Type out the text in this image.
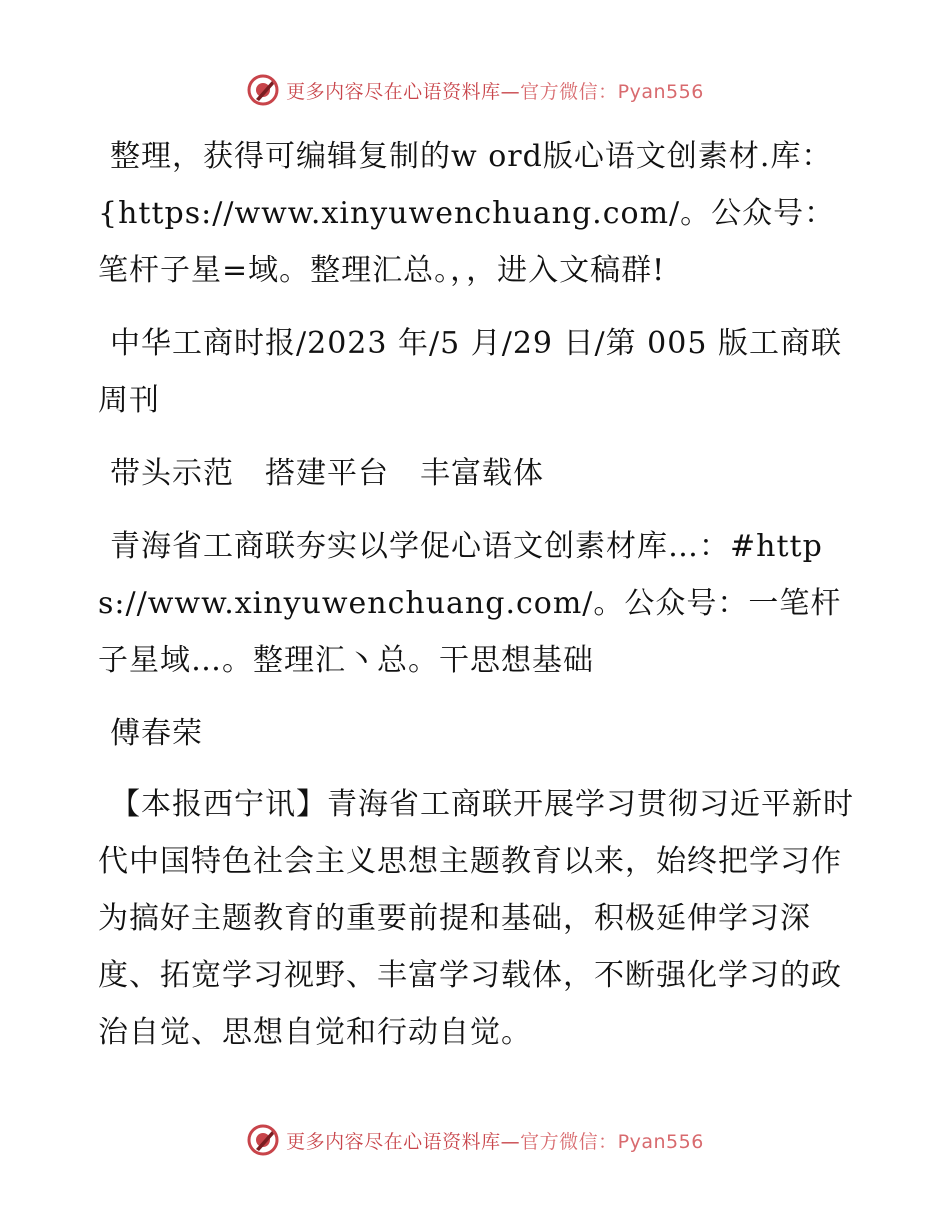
更多内容尽在心语资料库—官方微信：Pyan556

整理，获得可编辑复制的w ord版心语文创素材.库：{https://www.xinyuwenchuang.com/。公众号：笔杆子星=域。整理汇总。，，进入文稿群!

中华工商时报/2023 年/5 月/29 日/第 005 版工商联周刊

带头示范　搭建平台　丰富载体

青海省工商联夯实以学促心语文创素材库…：#https://www.xinyuwenchuang.com/。公众号：一笔杆子星域…。整理汇丶总。干思想基础

傅春荣

【本报西宁讯】青海省工商联开展学习贯彻习近平新时代中国特色社会主义思想主题教育以来，始终把学习作为搞好主题教育的重要前提和基础，积极延伸学习深度、拓宽学习视野、丰富学习载体，不断强化学习的政治自觉、思想自觉和行动自觉。

更多内容尽在心语资料库—官方微信：Pyan556
